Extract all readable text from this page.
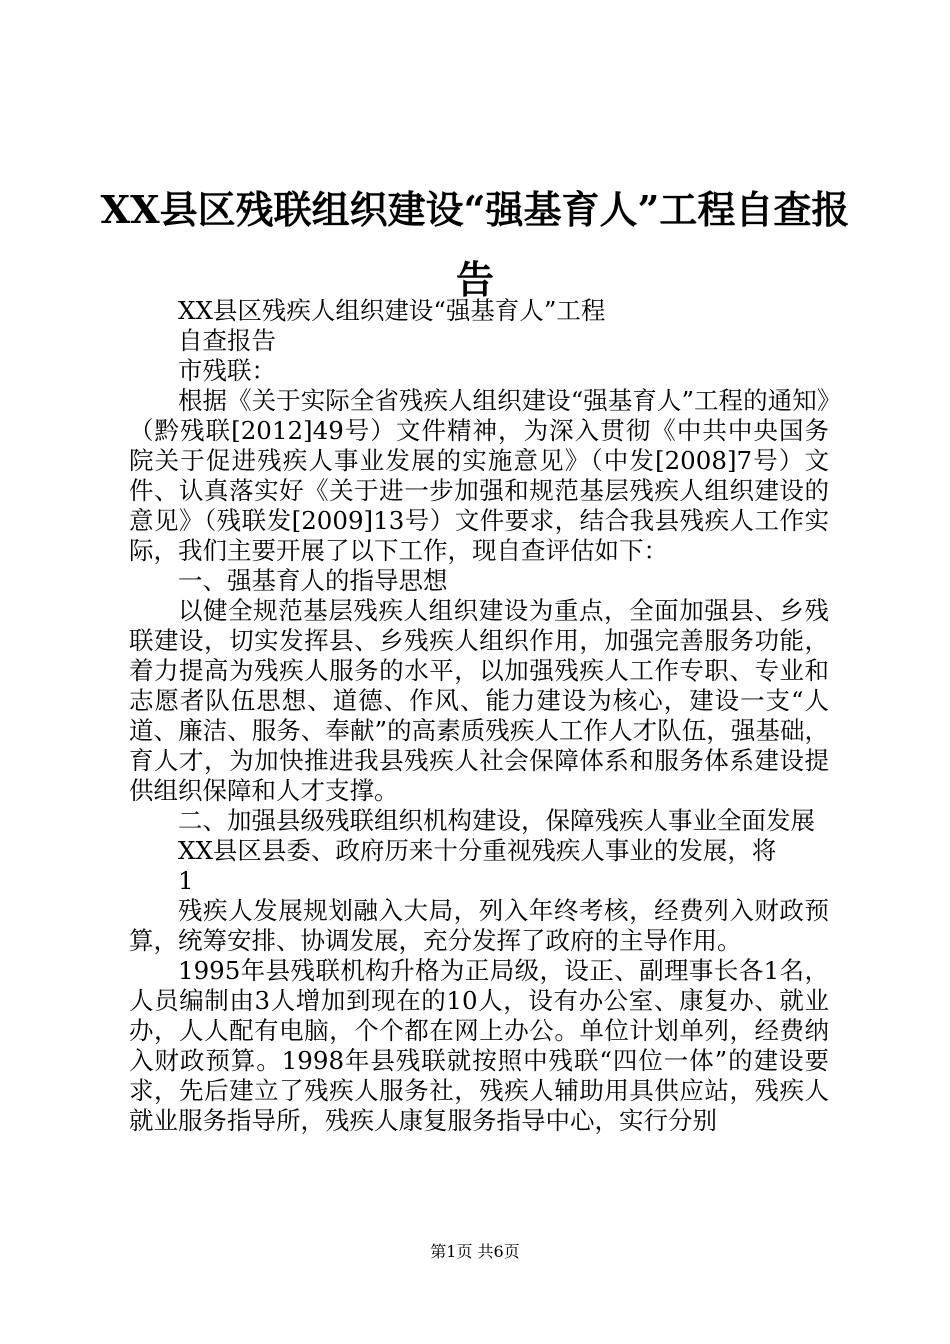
XX县区残联组织建设“强基育人”工程自查报告

XX县区残疾人组织建设“强基育人”工程

自查报告

市残联：

根据《关于实际全省残疾人组织建设“强基育人”工程的通知》（黔残联[2012]49号）文件精神，为深入贯彻《中共中央国务院关于促进残疾人事业发展的实施意见》（中发[2008]7号）文件、认真落实好《关于进一步加强和规范基层残疾人组织建设的意见》（残联发[2009]13号）文件要求，结合我县残疾人工作实际，我们主要开展了以下工作，现自查评估如下：

一、强基育人的指导思想

以健全规范基层残疾人组织建设为重点，全面加强县、乡残联建设，切实发挥县、乡残疾人组织作用，加强完善服务功能，着力提高为残疾人服务的水平，以加强残疾人工作专职、专业和志愿者队伍思想、道德、作风、能力建设为核心，建设一支“人道、廉洁、服务、奉献”的高素质残疾人工作人才队伍，强基础，育人才，为加快推进我县残疾人社会保障体系和服务体系建设提供组织保障和人才支撑。

二、加强县级残联组织机构建设，保障残疾人事业全面发展

XX县区县委、政府历来十分重视残疾人事业的发展，将

1

残疾人发展规划融入大局，列入年终考核，经费列入财政预算，统筹安排、协调发展，充分发挥了政府的主导作用。

1995年县残联机构升格为正局级，设正、副理事长各1名，人员编制由3人增加到现在的10人，设有办公室、康复办、就业办，人人配有电脑，个个都在网上办公。单位计划单列，经费纳入财政预算。1998年县残联就按照中残联“四位一体”的建设要求，先后建立了残疾人服务社，残疾人辅助用具供应站，残疾人就业服务指导所，残疾人康复服务指导中心，实行分别

第1页 共6页
